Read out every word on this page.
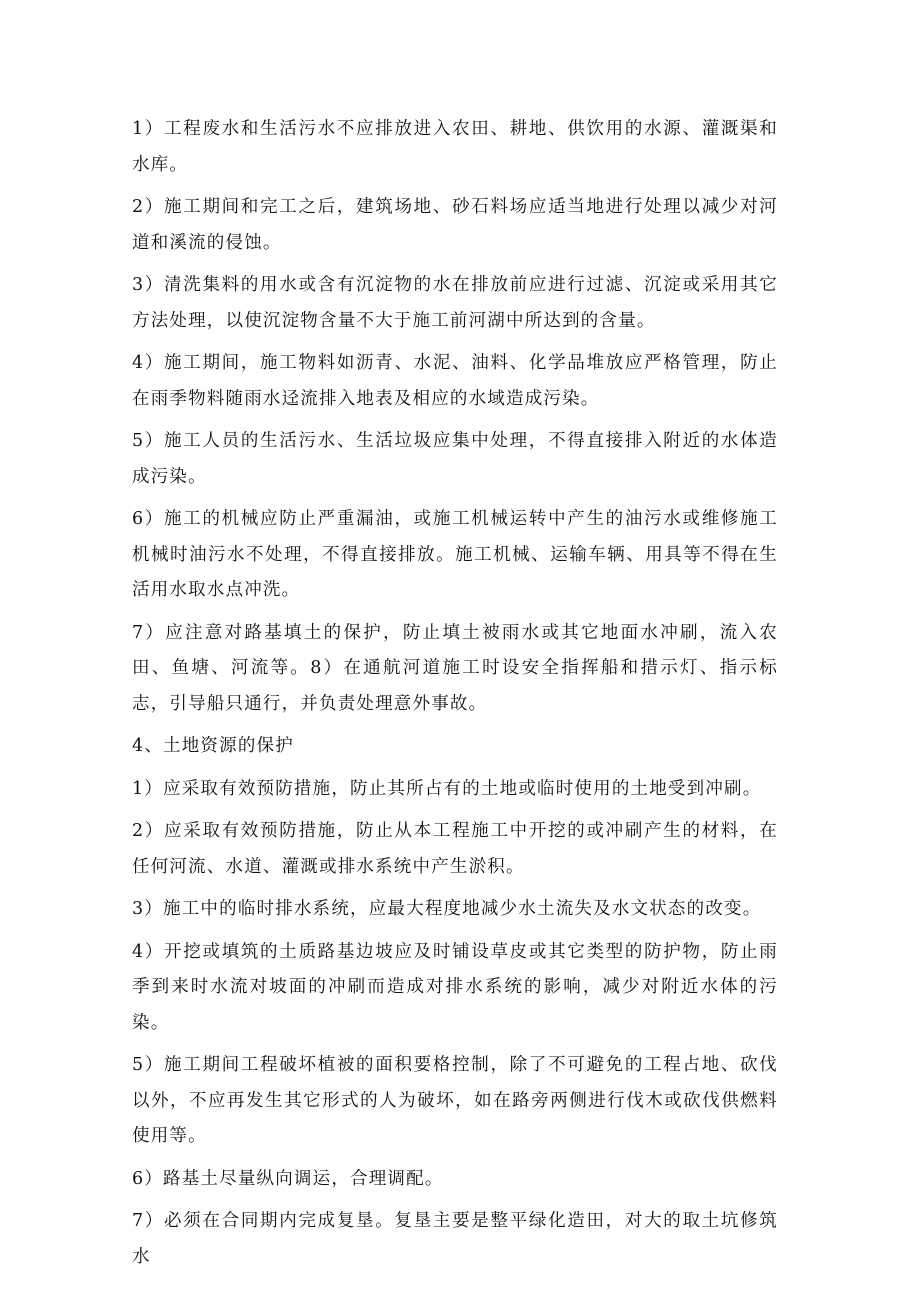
1）工程废水和生活污水不应排放进入农田、耕地、供饮用的水源、灌溉渠和水库。

2）施工期间和完工之后，建筑场地、砂石料场应适当地进行处理以减少对河道和溪流的侵蚀。

3）清洗集料的用水或含有沉淀物的水在排放前应进行过滤、沉淀或采用其它方法处理，以使沉淀物含量不大于施工前河湖中所达到的含量。

4）施工期间，施工物料如沥青、水泥、油料、化学品堆放应严格管理，防止在雨季物料随雨水迳流排入地表及相应的水域造成污染。

5）施工人员的生活污水、生活垃圾应集中处理，不得直接排入附近的水体造成污染。

6）施工的机械应防止严重漏油，或施工机械运转中产生的油污水或维修施工机械时油污水不处理，不得直接排放。施工机械、运输车辆、用具等不得在生活用水取水点冲洗。

7）应注意对路基填土的保护，防止填土被雨水或其它地面水冲刷，流入农田、鱼塘、河流等。8）在通航河道施工时设安全指挥船和措示灯、指示标志，引导船只通行，并负责处理意外事故。

4、土地资源的保护

1）应采取有效预防措施，防止其所占有的土地或临时使用的土地受到冲刷。

2）应采取有效预防措施，防止从本工程施工中开挖的或冲刷产生的材料，在任何河流、水道、灌溉或排水系统中产生淤积。

3）施工中的临时排水系统，应最大程度地减少水土流失及水文状态的改变。

4）开挖或填筑的土质路基边坡应及时铺设草皮或其它类型的防护物，防止雨季到来时水流对坡面的冲刷而造成对排水系统的影响，减少对附近水体的污染。

5）施工期间工程破坏植被的面积要格控制，除了不可避免的工程占地、砍伐以外，不应再发生其它形式的人为破坏，如在路旁两侧进行伐木或砍伐供燃料使用等。

6）路基土尽量纵向调运，合理调配。

7）必须在合同期内完成复垦。复垦主要是整平绿化造田，对大的取土坑修筑水
